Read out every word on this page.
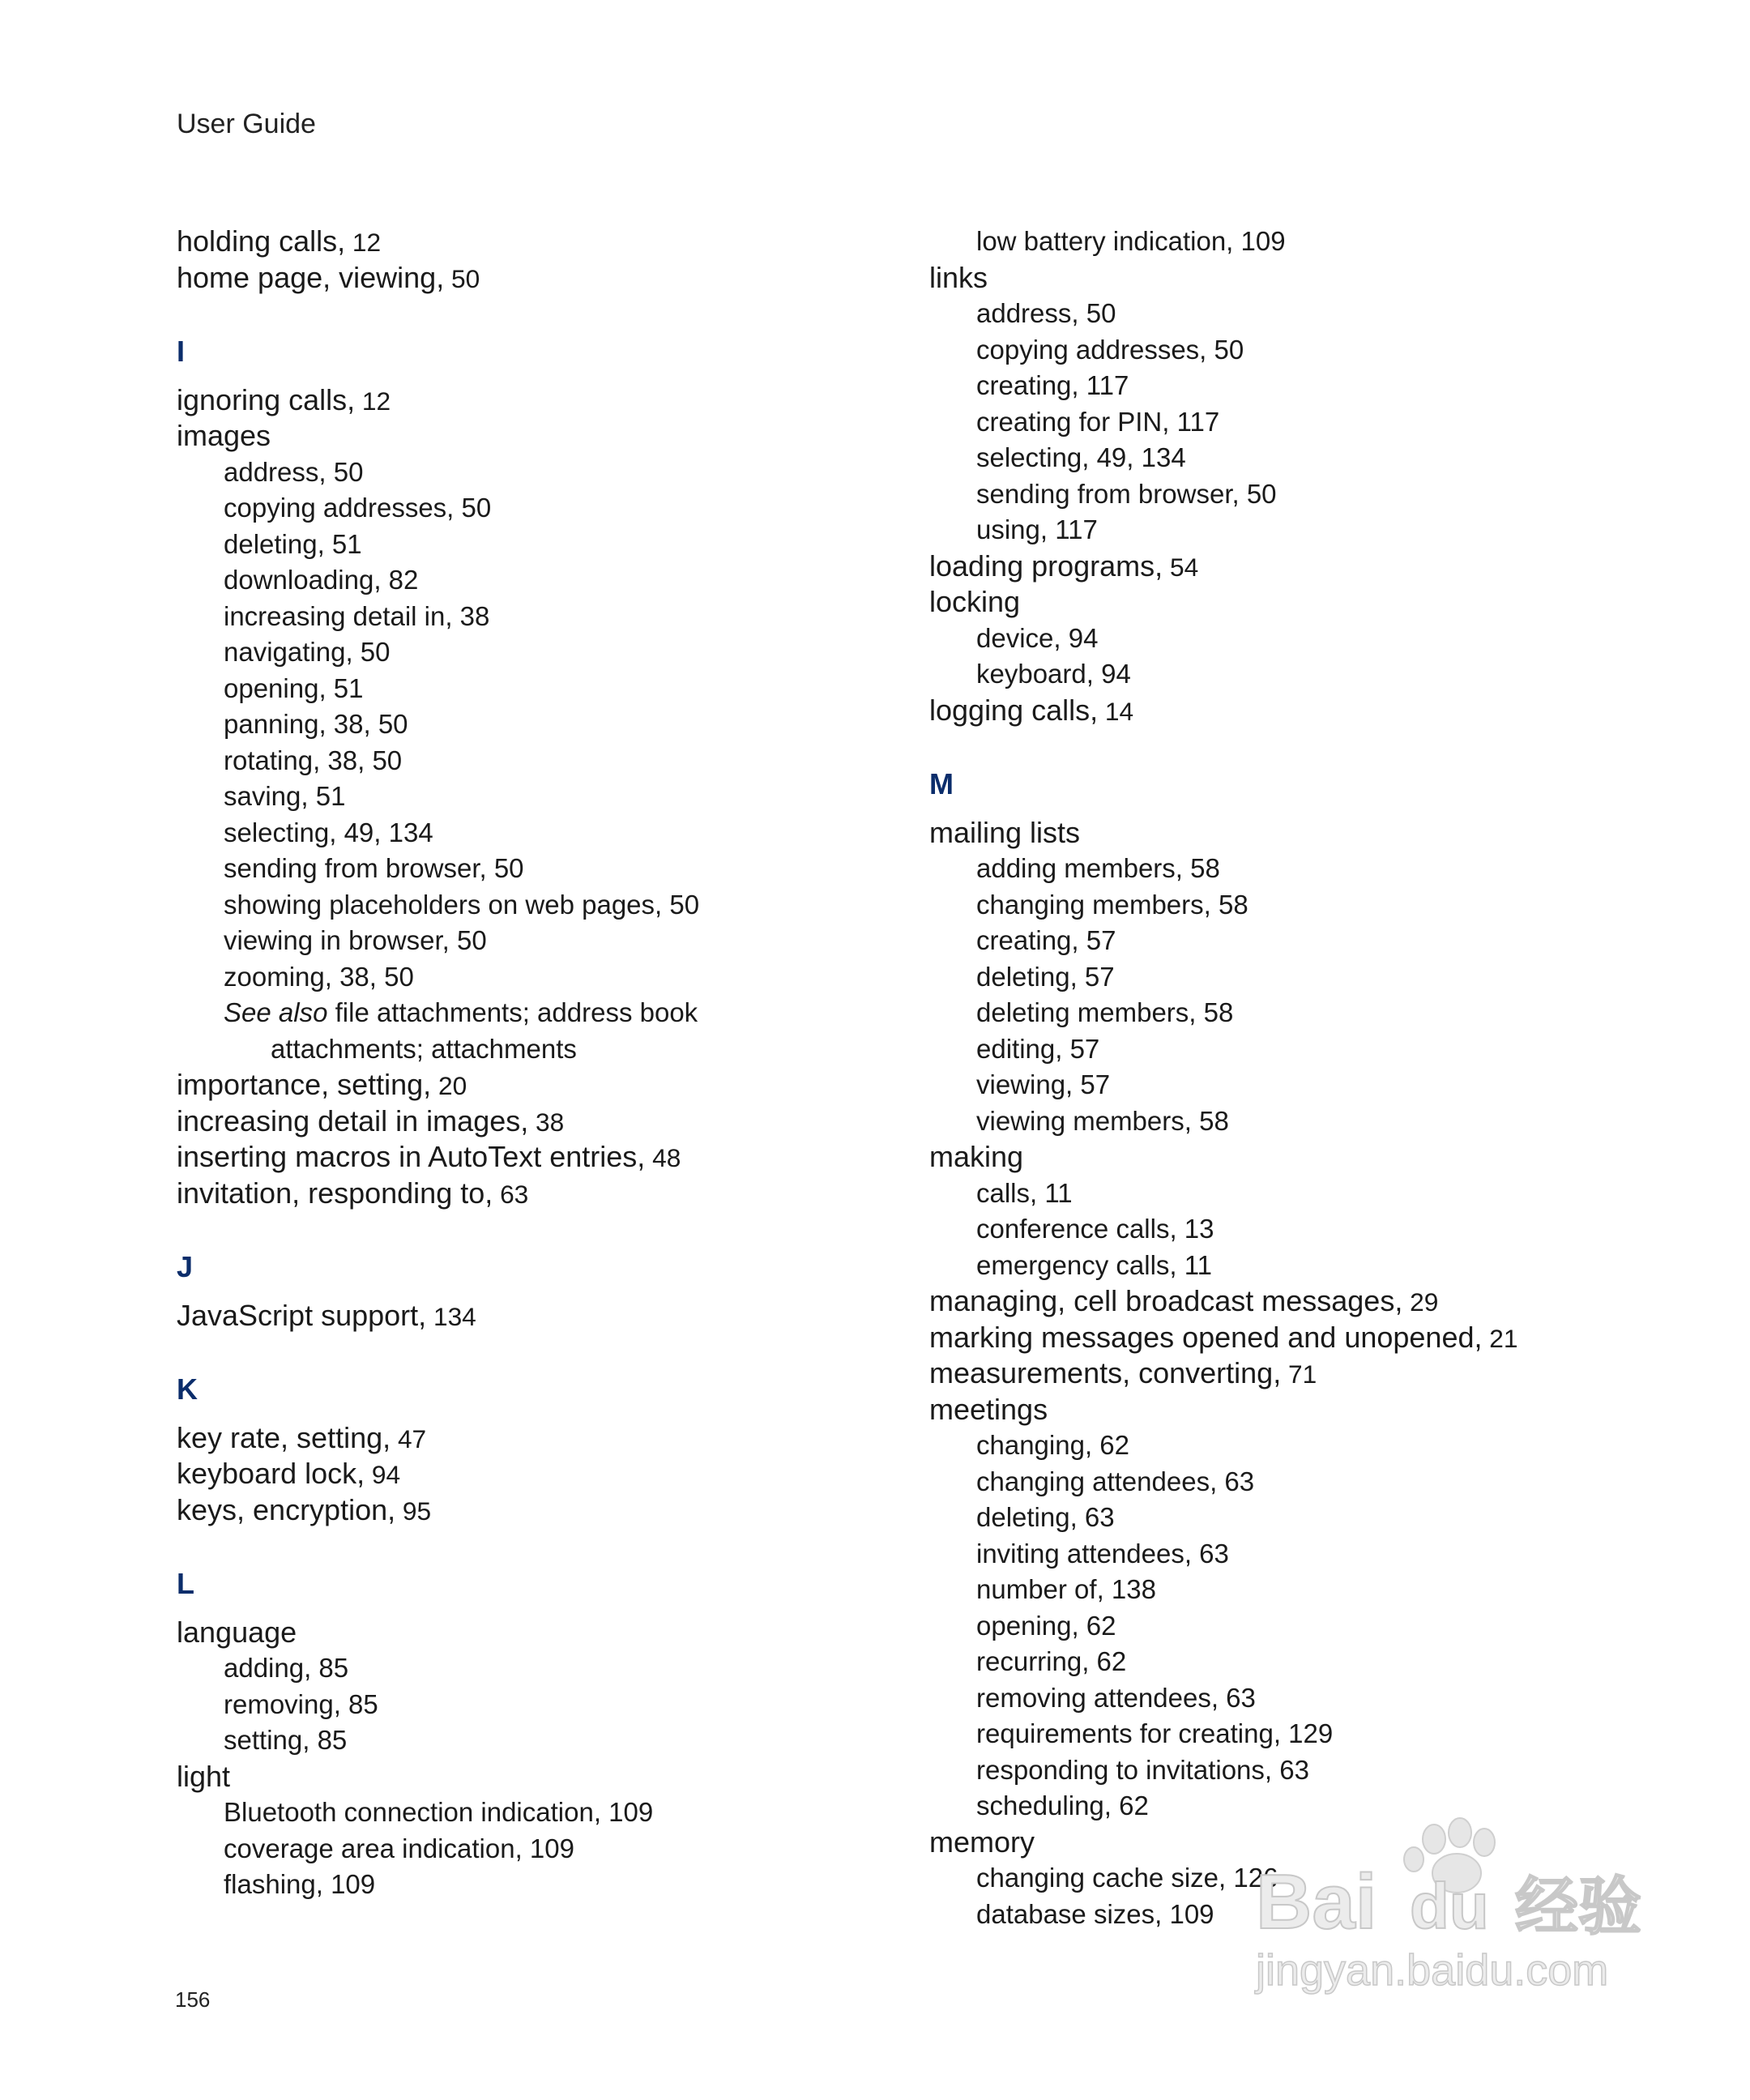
User Guide
holding calls, 12
home page, viewing, 50
I
ignoring calls, 12
images
address, 50
copying addresses, 50
deleting, 51
downloading, 82
increasing detail in, 38
navigating, 50
opening, 51
panning, 38, 50
rotating, 38, 50
saving, 51
selecting, 49, 134
sending from browser, 50
showing placeholders on web pages, 50
viewing in browser, 50
zooming, 38, 50
See also file attachments; address book
attachments; attachments
importance, setting, 20
increasing detail in images, 38
inserting macros in AutoText entries, 48
invitation, responding to, 63
J
JavaScript support, 134
K
key rate, setting, 47
keyboard lock, 94
keys, encryption, 95
L
language
adding, 85
removing, 85
setting, 85
light
Bluetooth connection indication, 109
coverage area indication, 109
flashing, 109
low battery indication, 109
links
address, 50
copying addresses, 50
creating, 117
creating for PIN, 117
selecting, 49, 134
sending from browser, 50
using, 117
loading programs, 54
locking
device, 94
keyboard, 94
logging calls, 14
M
mailing lists
adding members, 58
changing members, 58
creating, 57
deleting, 57
deleting members, 58
editing, 57
viewing, 57
viewing members, 58
making
calls, 11
conference calls, 13
emergency calls, 11
managing, cell broadcast messages, 29
marking messages opened and unopened, 21
measurements, converting, 71
meetings
changing, 62
changing attendees, 63
deleting, 63
inviting attendees, 63
number of, 138
opening, 62
recurring, 62
removing attendees, 63
requirements for creating, 129
responding to invitations, 63
scheduling, 62
memory
changing cache size, 126
database sizes, 109
156
Bai du 经验
jingyan.baidu.com
